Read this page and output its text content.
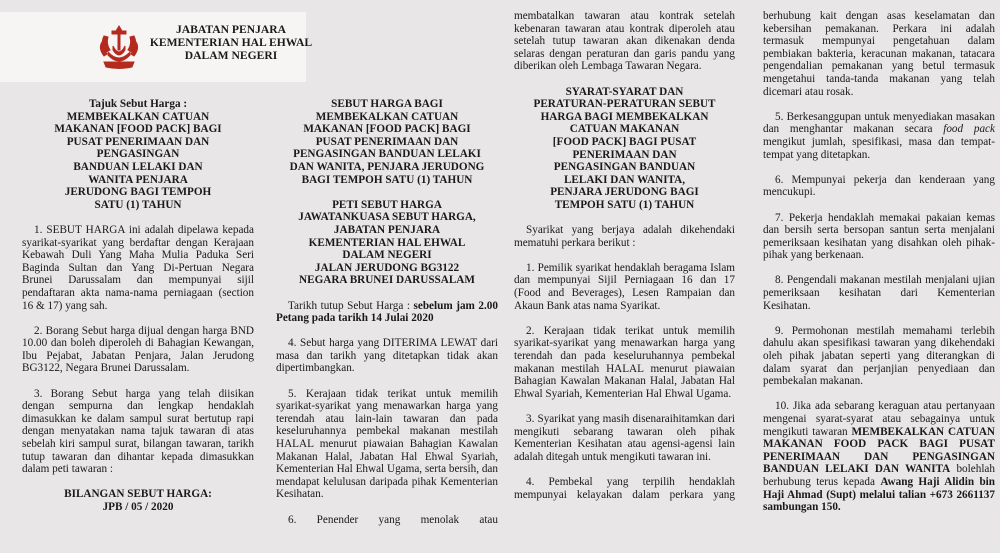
JABATAN PENJARA
KEMENTERIAN HAL EHWAL
DALAM NEGERI
Tajuk Sebut Harga :
MEMBEKALKAN CATUAN
MAKANAN [FOOD PACK] BAGI
PUSAT PENERIMAAN DAN
PENGASINGAN
BANDUAN LELAKI DAN
WANITA PENJARA
JERUDONG BAGI TEMPOH
SATU (1) TAHUN

1. SEBUT HARGA ini adalah dipelawa kepada syarikat-syarikat yang berdaftar dengan Kerajaan Kebawah Duli Yang Maha Mulia Paduka Seri Baginda Sultan dan Yang Di-Pertuan Negara Brunei Darussalam dan mempunyai sijil pendaftaran akta nama-nama perniagaan (section 16 & 17) yang sah.

2. Borang Sebut harga dijual dengan harga BND 10.00 dan boleh diperoleh di Bahagian Kewangan, Ibu Pejabat, Jabatan Penjara, Jalan Jerudong BG3122, Negara Brunei Darussalam.

3. Borang Sebut harga yang telah diisikan dengan sempurna dan lengkap hendaklah dimasukkan ke dalam sampul surat bertutup rapi dengan menyatakan nama tajuk tawaran di atas sebelah kiri sampul surat, bilangan tawaran, tarikh tutup tawaran dan dihantar kepada dimasukkan dalam peti tawaran :

BILANGAN SEBUT HARGA:
JPB / 05 / 2020
SEBUT HARGA BAGI
MEMBEKALKAN CATUAN
MAKANAN [FOOD PACK] BAGI
PUSAT PENERIMAAN DAN
PENGASINGAN BANDUAN LELAKI
DAN WANITA, PENJARA JERUDONG
BAGI TEMPOH SATU (1) TAHUN
PETI SEBUT HARGA
JAWATANKUASA SEBUT HARGA,
JABATAN PENJARA
KEMENTERIAN HAL EHWAL
DALAM NEGERI
JALAN JERUDONG BG3122
NEGARA BRUNEI DARUSSALAM

Tarikh tutup Sebut Harga : sebelum jam 2.00 Petang pada tarikh 14 Julai 2020

4. Sebut harga yang DITERIMA LEWAT dari masa dan tarikh yang ditetapkan tidak akan dipertimbangkan.

5. Kerajaan tidak terikat untuk memilih syarikat-syarikat yang menawarkan harga yang terendah atau lain-lain tawaran dan pada keseluruhannya pembekal makanan mestilah HALAL menurut piawaian Bahagian Kawalan Makanan Halal, Jabatan Hal Ehwal Syariah, Kementerian Hal Ehwal Ugama, serta bersih, dan mendapat kelulusan daripada pihak Kementerian Kesihatan.

6. Penender yang menolak atau

membatalkan tawaran atau kontrak setelah kebenaran tawaran atau kontrak diperoleh atau setelah tutup tawaran akan dikenakan denda selaras dengan peraturan dan garis pandu yang diberikan oleh Lembaga Tawaran Negara.

SYARAT-SYARAT DAN
PERATURAN-PERATURAN SEBUT
HARGA BAGI MEMBEKALKAN
CATUAN MAKANAN
[FOOD PACK] BAGI PUSAT
PENERIMAAN DAN
PENGASINGAN BANDUAN
LELAKI DAN WANITA,
PENJARA JERUDONG BAGI
TEMPOH SATU (1) TAHUN

Syarikat yang berjaya adalah dikehendaki mematuhi perkara berikut :

1. Pemilik syarikat hendaklah beragama Islam dan mempunyai Sijil Perniagaan 16 dan 17 (Food and Beverages), Lesen Rampaian dan Akaun Bank atas nama Syarikat.

2. Kerajaan tidak terikat untuk memilih syarikat-syarikat yang menawarkan harga yang terendah dan pada keseluruhannya pembekal makanan mestilah HALAL menurut piawaian Bahagian Kawalan Makanan Halal, Jabatan Hal Ehwal Syariah, Kementerian Hal Ehwal Ugama.

3. Syarikat yang masih disenaraihitamkan dari mengikuti sebarang tawaran oleh pihak Kementerian Kesihatan atau agensi-agensi lain adalah ditegah untuk mengikuti tawaran ini.

4. Pembekal yang terpilih hendaklah mempunyai kelayakan dalam perkara yang

berhubung kait dengan asas keselamatan dan kebersihan pemakanan. Perkara ini adalah termasuk mempunyai pengetahuan dalam pembiakan bakteria, keracunan makanan, tatacara pengendalian pemakanan yang betul termasuk mengetahui tanda-tanda makanan yang telah dicemari atau rosak.

5. Berkesanggupan untuk menyediakan masakan dan menghantar makanan secara food pack mengikut jumlah, spesifikasi, masa dan tempat-tempat yang ditetapkan.

6. Mempunyai pekerja dan kenderaan yang mencukupi.

7. Pekerja hendaklah memakai pakaian kemas dan bersih serta bersopan santun serta menjalani pemeriksaan kesihatan yang disahkan oleh pihak-pihak yang berkenaan.

8. Pengendali makanan mestilah menjalani ujian pemeriksaan kesihatan dari Kementerian Kesihatan.

9. Permohonan mestilah memahami terlebih dahulu akan spesifikasi tawaran yang dikehendaki oleh pihak jabatan seperti yang diterangkan di dalam syarat dan perjanjian penyediaan dan pembekalan makanan.

10. Jika ada sebarang keraguan atau pertanyaan mengenai syarat-syarat atau sebagainya untuk mengikuti tawaran MEMBEKALKAN CATUAN MAKANAN FOOD PACK BAGI PUSAT PENERIMAAN DAN PENGASINGAN BANDUAN LELAKI DAN WANITA bolehlah berhubung terus kepada Awang Haji Alidin bin Haji Ahmad (Supt) melalui talian +673 2661137 sambungan 150.
